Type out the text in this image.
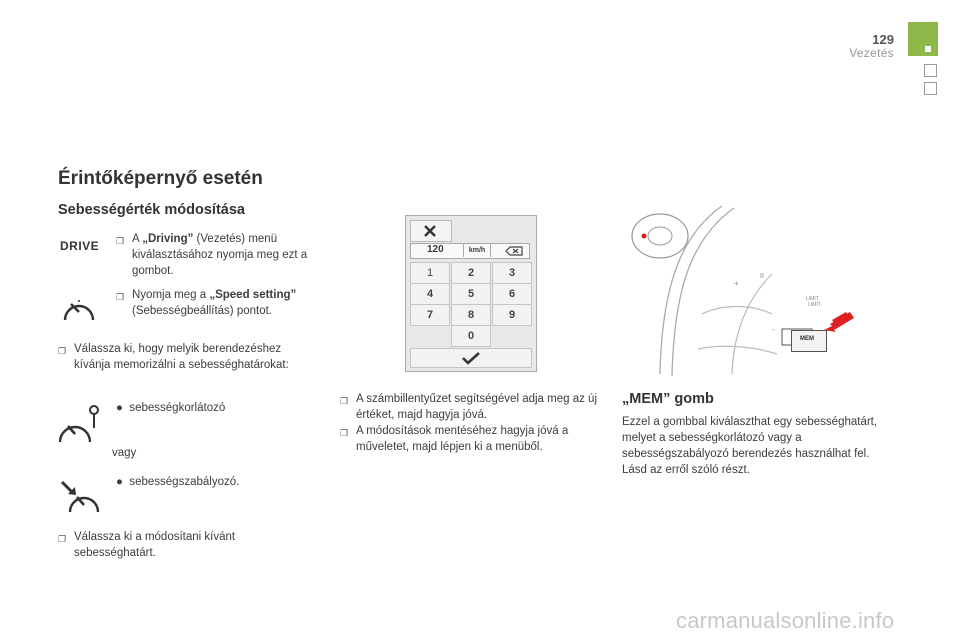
129
Vezetés
Érintőképernyő esetén
Sebességérték módosítása
DRIVE ❐ A „Driving” (Vezetés) menü kiválasztásához nyomja meg ezt a gombot.
❐ Nyomja meg a „Speed setting” (Sebességbeállítás) pontot.
❐ Válassza ki, hogy melyik berendezéshez kívánja memorizálni a sebességhatárokat:
●  sebességkorlátozó
vagy
●  sebességszabályozó.
❐ Válassza ki a módosítani kívánt sebességhatárt.
120	km/h
1	2	3
4	5	6
7	8	9
0
❐ A számbillentyűzet segítségével adja meg az új értéket, majd hagyja jóvá.
❐ A módosítások mentéséhez hagyja jóvá a műveletet, majd lépjen ki a menüből.
II
+
-
LIMIT
MEM
LIMIT
„MEM” gomb
Ezzel a gombbal kiválaszthat egy sebességhatárt, melyet a sebességkorlátozó vagy a sebességszabályozó berendezés használhat fel.
Lásd az erről szóló részt.
carmanualsonline.info
